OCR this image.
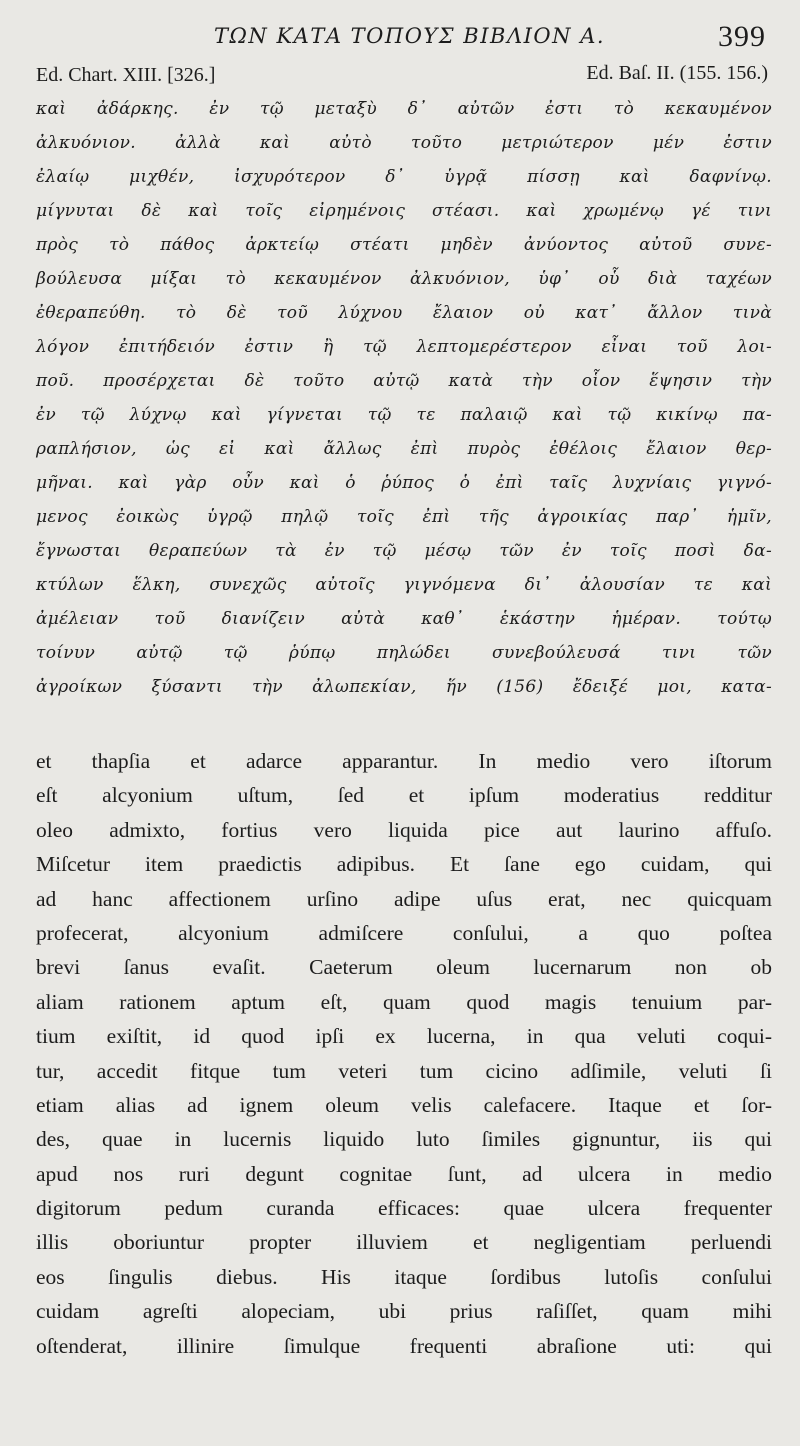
ΤΩΝ ΚΑΤΑ ΤΟΠΟΥΣ ΒΙΒΛΙΟΝ Α.	399
Ed. Chart. XIII. [326.]	Ed. Baſ. II. (155. 156.)
καὶ ἀδάρκης. ἐν τῷ μεταξὺ δ᾽ αὐτῶν ἐστι τὸ κεκαυμένον
ἀλκυόνιον. ἀλλὰ καὶ αὐτὸ τοῦτο μετριώτερον μέν ἐστιν
ἐλαίῳ μιχθέν, ἰσχυρότερον δ᾽ ὑγρᾷ πίσσῃ καὶ δαφνίνῳ.
μίγνυται δὲ καὶ τοῖς εἰρημένοις στέασι. καὶ χρωμένῳ γέ τινι
πρὸς τὸ πάθος ἀρκτείῳ στέατι μηδὲν ἀνύοντος αὐτοῦ συνε-
βούλευσα μίξαι τὸ κεκαυμένον ἀλκυόνιον, ὑφ᾽ οὗ διὰ ταχέων
ἐθεραπεύθη. τὸ δὲ τοῦ λύχνου ἔλαιον οὐ κατ᾽ ἄλλον τινὰ
λόγον ἐπιτήδειόν ἐστιν ἢ τῷ λεπτομερέστερον εἶναι τοῦ λοι-
ποῦ. προσέρχεται δὲ τοῦτο αὐτῷ κατὰ τὴν οἷον ἕψησιν τὴν
ἐν τῷ λύχνῳ καὶ γίγνεται τῷ τε παλαιῷ καὶ τῷ κικίνῳ πα-
ραπλήσιον, ὡς εἰ καὶ ἄλλως ἐπὶ πυρὸς ἐθέλοις ἔλαιον θερ-
μῆναι. καὶ γὰρ οὖν καὶ ὁ ῥύπος ὁ ἐπὶ ταῖς λυχνίαις γιγνό-
μενος ἐοικὼς ὑγρῷ πηλῷ τοῖς ἐπὶ τῆς ἀγροικίας παρ᾽ ἡμῖν,
ἔγνωσται θεραπεύων τὰ ἐν τῷ μέσῳ τῶν ἐν τοῖς ποσὶ δα-
κτύλων ἕλκη, συνεχῶς αὐτοῖς γιγνόμενα δι᾽ ἀλουσίαν τε καὶ
ἀμέλειαν τοῦ διανίζειν αὐτὰ καθ᾽ ἑκάστην ἡμέραν. τούτῳ
τοίνυν αὐτῷ τῷ ῥύπῳ πηλώδει συνεβούλευσά τινι τῶν
ἀγροίκων ξύσαντι τὴν ἀλωπεκίαν, ἥν (156) ἔδειξέ μοι, κατα-
et thapſia et adarce apparantur. In medio vero iſtorum
eſt alcyonium uſtum, ſed et ipſum moderatius redditur
oleo admixto, fortius vero liquida pice aut laurino affuſo.
Miſcetur item praedictis adipibus. Et ſane ego cuidam, qui
ad hanc affectionem urſino adipe uſus erat, nec quicquam
profecerat, alcyonium admiſcere conſului, a quo poſtea
brevi ſanus evaſit. Caeterum oleum lucernarum non ob
aliam rationem aptum eſt, quam quod magis tenuium par-
tium exiſtit, id quod ipſi ex lucerna, in qua veluti coqui-
tur, accedit fitque tum veteri tum cicino adſimile, veluti ſi
etiam alias ad ignem oleum velis calefacere. Itaque et ſor-
des, quae in lucernis liquido luto ſimiles gignuntur, iis qui
apud nos ruri degunt cognitae ſunt, ad ulcera in medio
digitorum pedum curanda efficaces: quae ulcera frequenter
illis oboriuntur propter illuviem et negligentiam perluendi
eos ſingulis diebus. His itaque ſordibus lutoſis conſului
cuidam agreſti alopeciam, ubi prius raſiſſet, quam mihi
oſtenderat, illinire ſimulque frequenti abraſione uti: qui
